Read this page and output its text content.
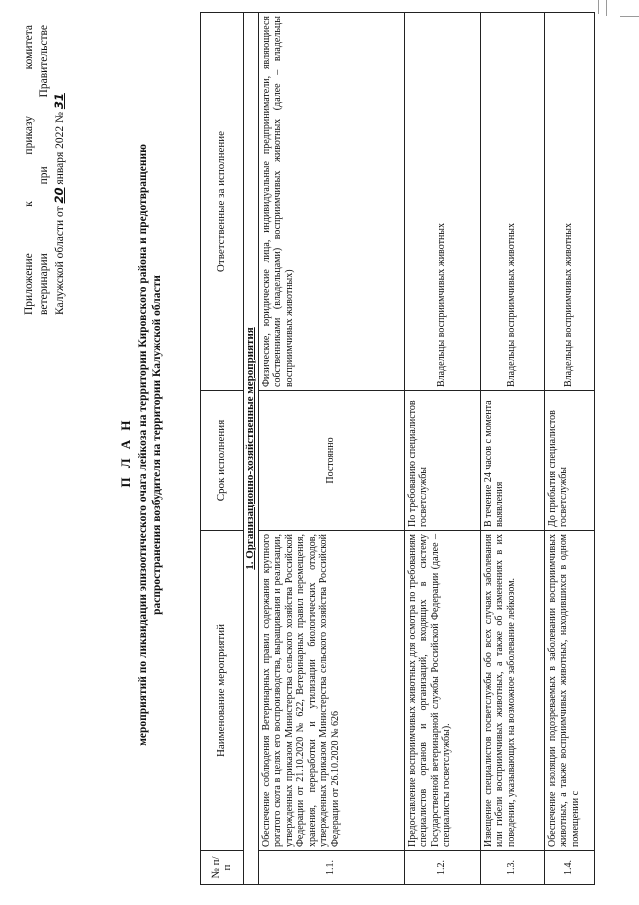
Приложение к приказу комитета ветеринарии при Правительстве Калужской области от 20 января 2022 № 31
П Л А Н мероприятий по ликвидации эпизоотического очага лейкоза на территории Кировского района и предотвращению распространения возбудителя на территории Калужской области
№ п/п	Наименование мероприятий	Срок исполнения	Ответственные за исполнение
1. Организационно-хозяйственные мероприятия			
1.1.	Обеспечение соблюдения Ветеринарных правил содержания крупного рогатого скота в целях его воспроизводства, выращивания и реализации, утвержденных приказом Министерства сельского хозяйства Российской Федерации от 21.10.2020 № 622, Ветеринарных правил перемещения, хранения, переработки и утилизации биологических отходов, утвержденных приказом Министерства сельского хозяйства Российской Федерации от 26.10.2020 № 626	Постоянно	Физические, юридические лица, индивидуальные предприниматели, являющиеся собственниками (владельцами) восприимчивых животных (далее – владельцы восприимчивых животных)
1.2.	Предоставление восприимчивых животных для осмотра по требованиям специалистов органов и организаций, входящих в систему Государственной ветеринарной службы Российской Федерации (далее – специалисты госветслужбы).	По требованию специалистов госветслужбы	Владельцы восприимчивых животных
1.3.	Извещение специалистов госветслужбы обо всех случаях заболевания или гибели восприимчивых животных, а также об изменениях в их поведении, указывающих на возможное заболевание лейкозом.	В течение 24 часов с момента выявления	Владельцы восприимчивых животных
1.4.	Обеспечение изоляции подозреваемых в заболевании восприимчивых животных, а также восприимчивых животных, находившихся в одном помещении с	До прибытия специалистов госветслужбы	Владельцы восприимчивых животных
